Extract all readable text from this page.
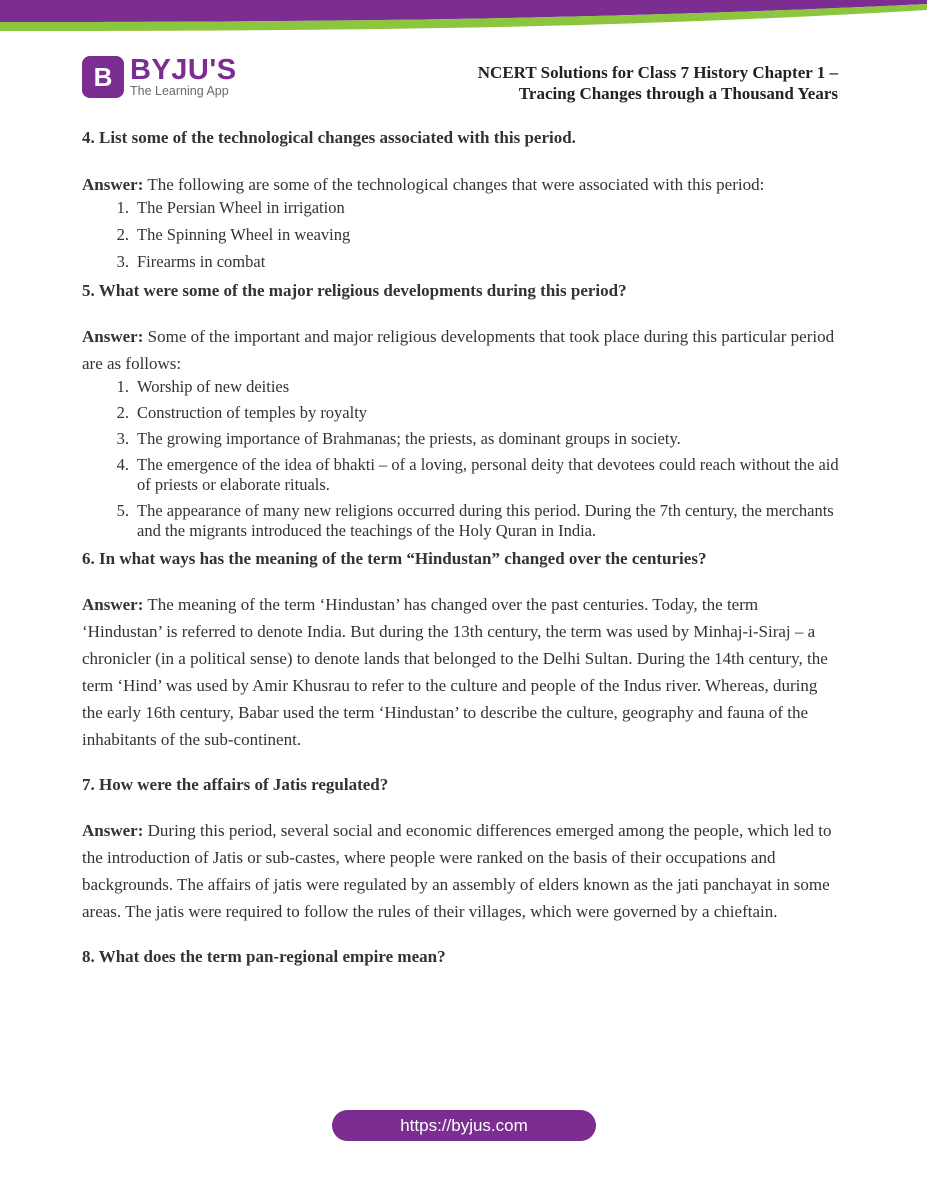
B BYJU'S
The Learning App
NCERT Solutions for Class 7 History Chapter 1 –
Tracing Changes through a Thousand Years

4. List some of the technological changes associated with this period.

Answer: The following are some of the technological changes that were associated with this period:

1. The Persian Wheel in irrigation
2. The Spinning Wheel in weaving
3. Firearms in combat

5. What were some of the major religious developments during this period?

Answer: Some of the important and major religious developments that took place during this particular period are as follows:

1. Worship of new deities
2. Construction of temples by royalty
3. The growing importance of Brahmanas; the priests, as dominant groups in society.
4. The emergence of the idea of bhakti – of a loving, personal deity that devotees could reach without the aid of priests or elaborate rituals.
5. The appearance of many new religions occurred during this period. During the 7th century, the merchants and the migrants introduced the teachings of the Holy Quran in India.

6. In what ways has the meaning of the term “Hindustan” changed over the centuries?

Answer: The meaning of the term ‘Hindustan’ has changed over the past centuries. Today, the term ‘Hindustan’ is referred to denote India. But during the 13th century, the term was used by Minhaj-i-Siraj – a chronicler (in a political sense) to denote lands that belonged to the Delhi Sultan. During the 14th century, the term ‘Hind’ was used by Amir Khusrau to refer to the culture and people of the Indus river. Whereas, during the early 16th century, Babar used the term ‘Hindustan’ to describe the culture, geography and fauna of the inhabitants of the sub-continent.

7. How were the affairs of Jatis regulated?

Answer: During this period, several social and economic differences emerged among the people, which led to the introduction of Jatis or sub-castes, where people were ranked on the basis of their occupations and backgrounds. The affairs of jatis were regulated by an assembly of elders known as the jati panchayat in some areas. The jatis were required to follow the rules of their villages, which were governed by a chieftain.

8. What does the term pan-regional empire mean?

https://byjus.com
